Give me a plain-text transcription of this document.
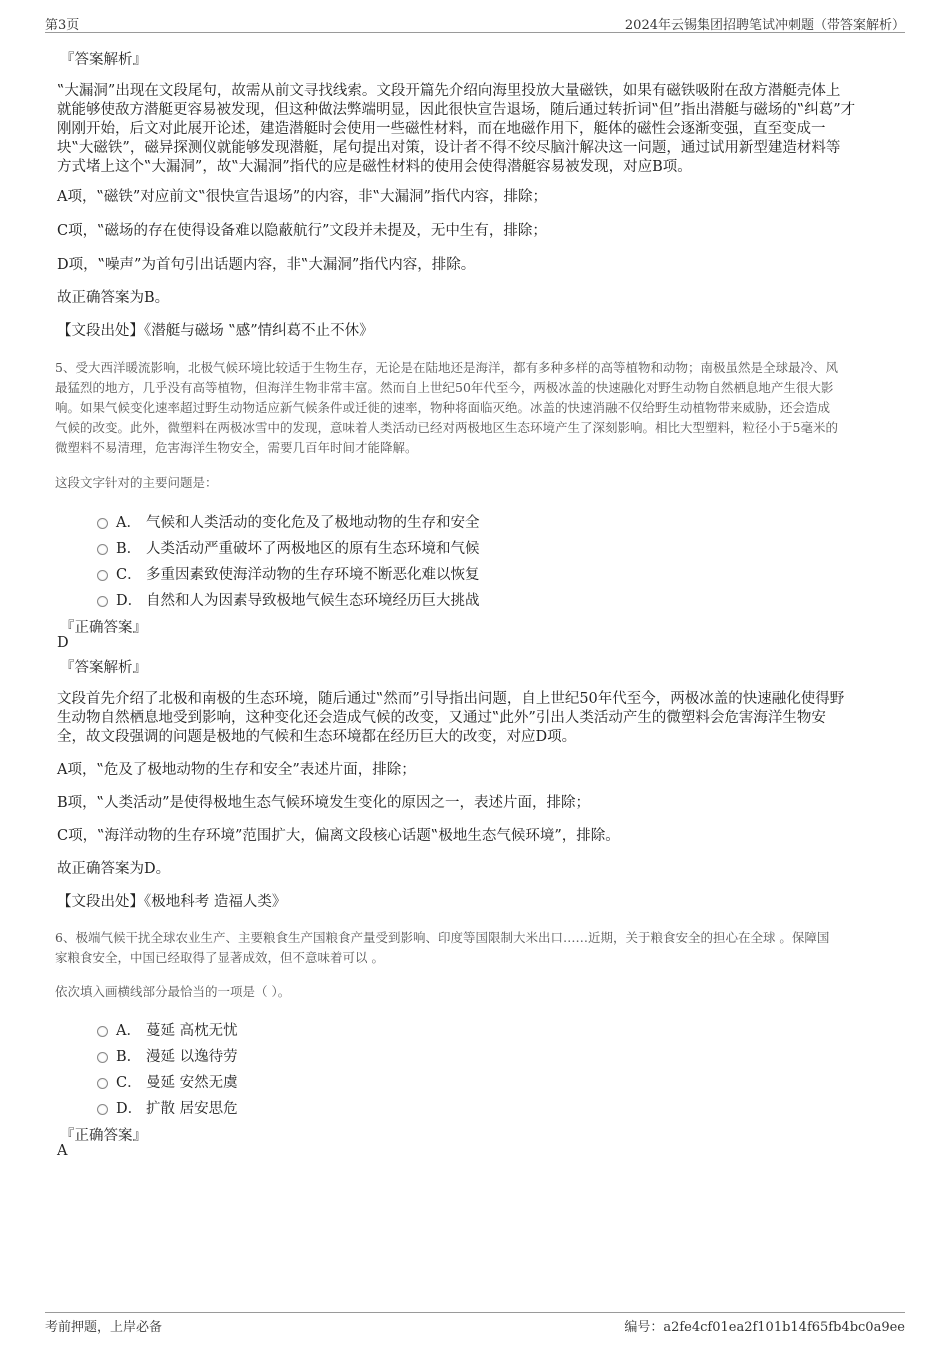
第3页	2024年云锡集团招聘笔试冲刺题（带答案解析）
『答案解析』
‟大漏洞”出现在文段尾句，故需从前文寻找线索。文段开篇先介绍向海里投放大量磁铁，如果有磁铁吸附在敌方潜艇壳体上
就能够使敌方潜艇更容易被发现，但这种做法弊端明显，因此很快宣告退场，随后通过转折词‟但”指出潜艇与磁场的‟纠葛”才
刚刚开始，后文对此展开论述，建造潜艇时会使用一些磁性材料，而在地磁作用下，艇体的磁性会逐渐变强，直至变成一
块‟大磁铁”，磁异探测仪就能够发现潜艇，尾句提出对策，设计者不得不绞尽脑汁解决这一问题，通过试用新型建造材料等
方式堵上这个‟大漏洞”，故‟大漏洞”指代的应是磁性材料的使用会使得潜艇容易被发现，对应B项。
A项，‟磁铁”对应前文‟很快宣告退场”的内容，非‟大漏洞”指代内容，排除；
C项，‟磁场的存在使得设备难以隐蔽航行”文段并未提及，无中生有，排除；
D项，‟噪声”为首句引出话题内容，非‟大漏洞”指代内容，排除。
故正确答案为B。
【文段出处】《潜艇与磁场 ‟感”情纠葛不止不休》
5、受大西洋暖流影响，北极气候环境比较适于生物生存，无论是在陆地还是海洋，都有多种多样的高等植物和动物；南极虽然是全球最冷、风
最猛烈的地方，几乎没有高等植物，但海洋生物非常丰富。然而自上世纪50年代至今，两极冰盖的快速融化对野生动物自然栖息地产生很大影
响。如果气候变化速率超过野生动物适应新气候条件或迁徙的速率，物种将面临灭绝。冰盖的快速消融不仅给野生动植物带来威胁，还会造成
气候的改变。此外，微塑料在两极冰雪中的发现，意味着人类活动已经对两极地区生态环境产生了深刻影响。相比大型塑料，粒径小于5毫米的
微塑料不易清理，危害海洋生物安全，需要几百年时间才能降解。
这段文字针对的主要问题是：
A． 气候和人类活动的变化危及了极地动物的生存和安全
B． 人类活动严重破坏了两极地区的原有生态环境和气候
C． 多重因素致使海洋动物的生存环境不断恶化难以恢复
D． 自然和人为因素导致极地气候生态环境经历巨大挑战
『正确答案』
D
『答案解析』
文段首先介绍了北极和南极的生态环境，随后通过‟然而”引导指出问题，自上世纪50年代至今，两极冰盖的快速融化使得野
生动物自然栖息地受到影响，这种变化还会造成气候的改变，又通过‟此外”引出人类活动产生的微塑料会危害海洋生物安
全，故文段强调的问题是极地的气候和生态环境都在经历巨大的改变，对应D项。
A项，‟危及了极地动物的生存和安全”表述片面，排除；
B项，‟人类活动”是使得极地生态气候环境发生变化的原因之一，表述片面，排除；
C项，‟海洋动物的生存环境”范围扩大，偏离文段核心话题‟极地生态气候环境”，排除。
故正确答案为D。
【文段出处】《极地科考 造福人类》
6、极端气候干扰全球农业生产、主要粮食生产国粮食产量受到影响、印度等国限制大米出口……近期，关于粮食安全的担心在全球 。保障国
家粮食安全，中国已经取得了显著成效，但不意味着可以 。
依次填入画横线部分最恰当的一项是（ ）。
A． 蔓延 高枕无忧
B． 漫延 以逸待劳
C． 曼延 安然无虞
D． 扩散 居安思危
『正确答案』
A
考前押题，上岸必备	编号：a2fe4cf01ea2f101b14f65fb4bc0a9ee
